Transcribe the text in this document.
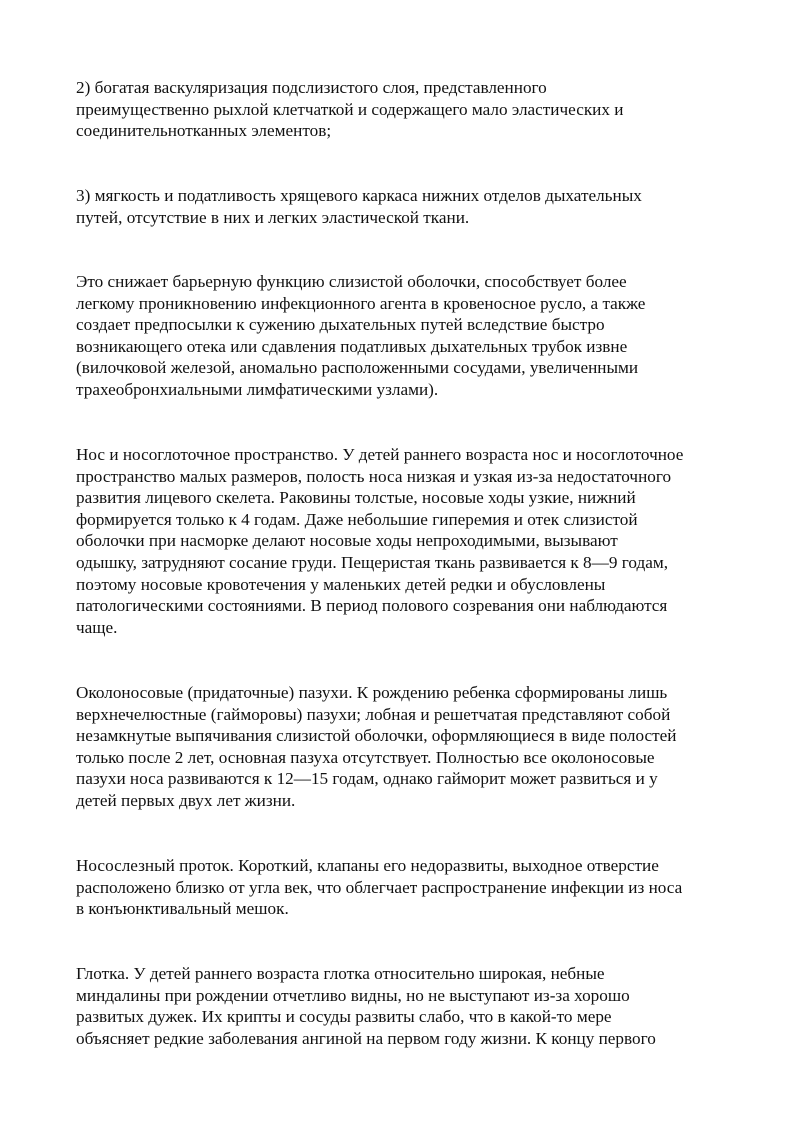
2) богатая васкуляризация подслизистого слоя, представленного
преимущественно рыхлой клетчаткой и содержащего мало эластических и
соединительнотканных элементов;
3) мягкость и податливость хрящевого каркаса нижних отделов дыхательных
путей, отсутствие в них и легких эластической ткани.
Это снижает барьерную функцию слизистой оболочки, способствует более
легкому проникновению инфекционного агента в кровеносное русло, а также
создает предпосылки к сужению дыхательных путей вследствие быстро
возникающего отека или сдавления податливых дыхательных трубок извне
(вилочковой железой, аномально расположенными сосудами, увеличенными
трахеобронхиальными лимфатическими узлами).
Нос и носоглоточное пространство. У детей раннего возраста нос и носоглоточное
пространство малых размеров, полость носа низкая и узкая из-за недостаточного
развития лицевого скелета. Раковины толстые, носовые ходы узкие, нижний
формируется только к 4 годам. Даже небольшие гиперемия и отек слизистой
оболочки при насморке делают носовые ходы непроходимыми, вызывают
одышку, затрудняют сосание груди. Пещеристая ткань развивается к 8—9 годам,
поэтому носовые кровотечения у маленьких детей редки и обусловлены
патологическими состояниями. В период полового созревания они наблюдаются
чаще.
Околоносовые (придаточные) пазухи. К рождению ребенка сформированы лишь
верхнечелюстные (гайморовы) пазухи; лобная и решетчатая представляют собой
незамкнутые выпячивания слизистой оболочки, оформляющиеся в виде полостей
только после 2 лет, основная пазуха отсутствует. Полностью все околоносовые
пазухи носа развиваются к 12—15 годам, однако гайморит может развиться и у
детей первых двух лет жизни.
Носослезный проток. Короткий, клапаны его недоразвиты, выходное отверстие
расположено близко от угла век, что облегчает распространение инфекции из носа
в конъюнктивальный мешок.
Глотка. У детей раннего возраста глотка относительно широкая, небные
миндалины при рождении отчетливо видны, но не выступают из-за хорошо
развитых дужек. Их крипты и сосуды развиты слабо, что в какой-то мере
объясняет редкие заболевания ангиной на первом году жизни. К концу первого
